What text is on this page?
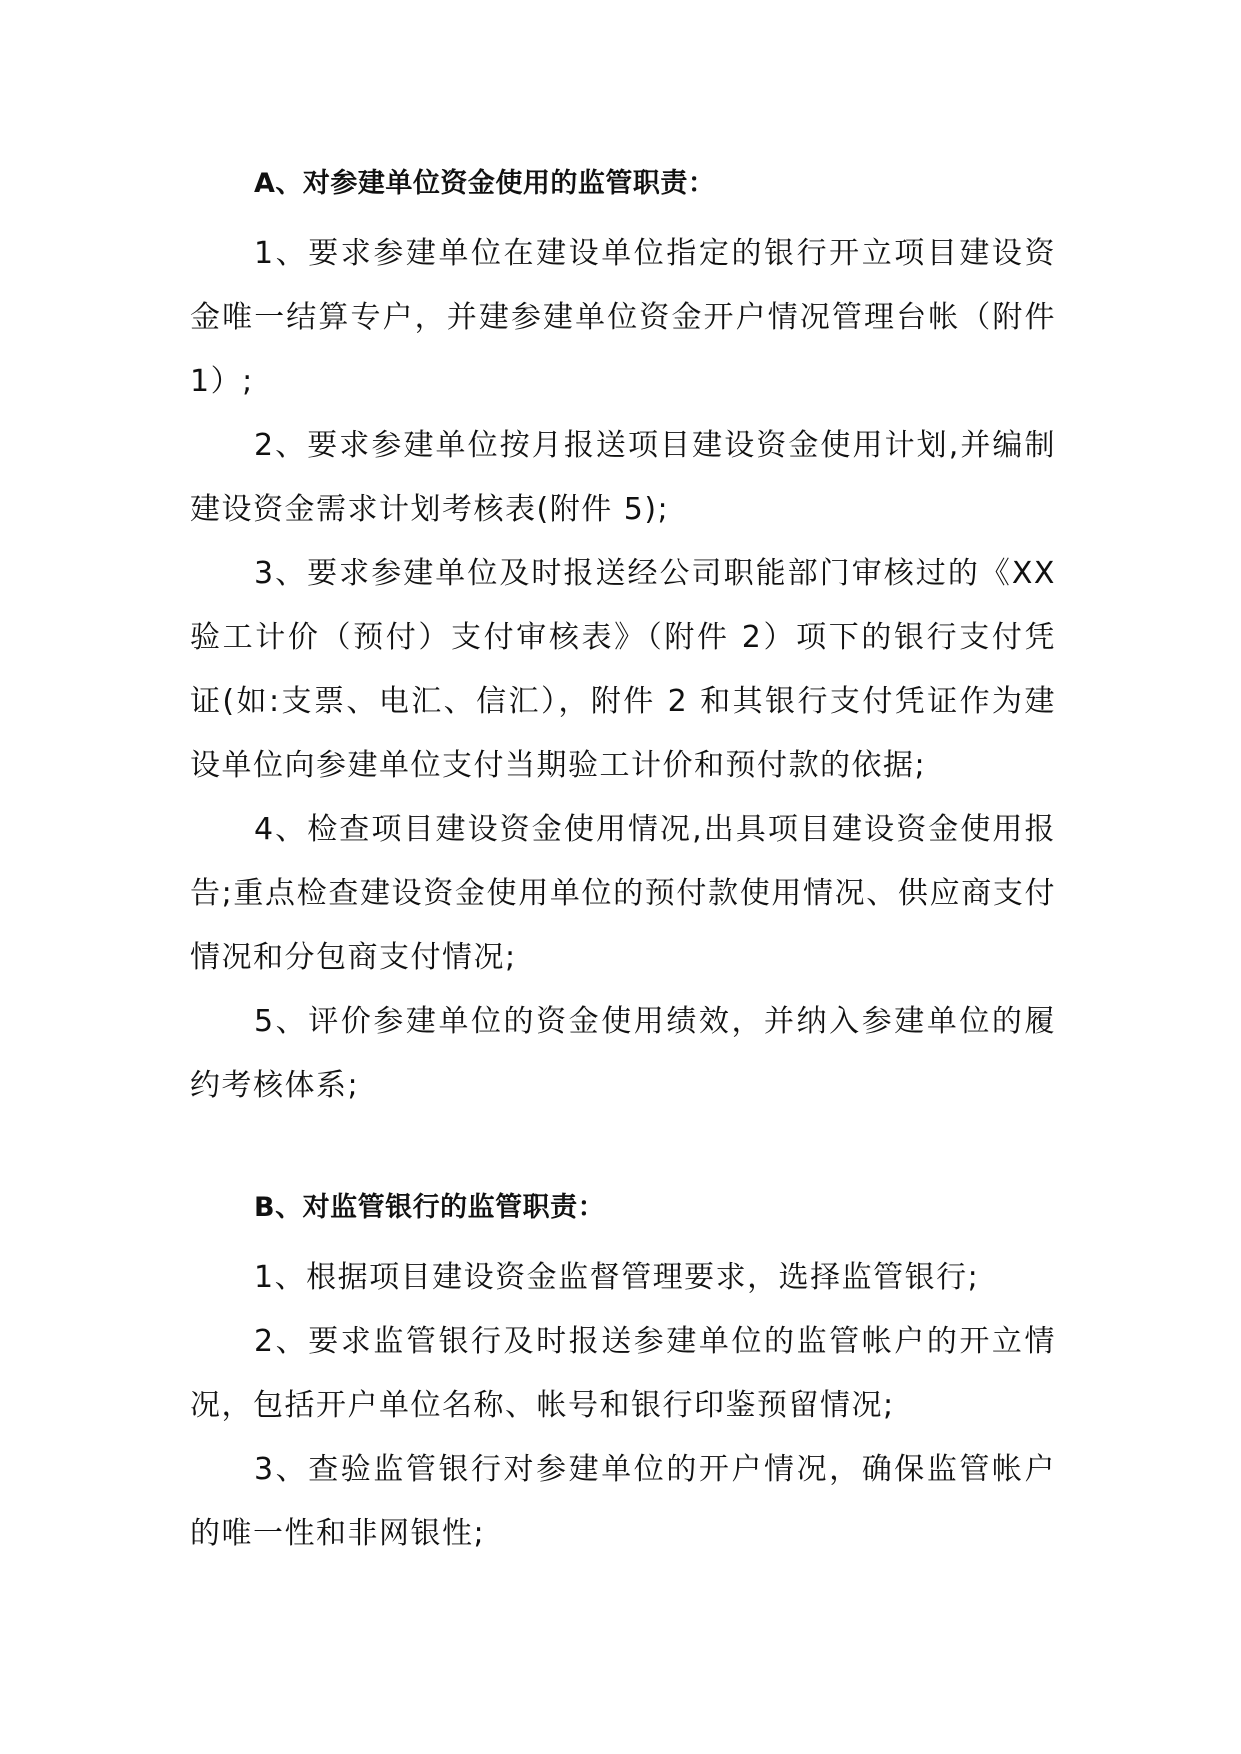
A、对参建单位资金使用的监管职责：

1、要求参建单位在建设单位指定的银行开立项目建设资金唯一结算专户，并建参建单位资金开户情况管理台帐（附件 1）;

2、要求参建单位按月报送项目建设资金使用计划,并编制建设资金需求计划考核表(附件 5);

3、要求参建单位及时报送经公司职能部门审核过的《XX 验工计价（预付）支付审核表》（附件 2）项下的银行支付凭证(如:支票、电汇、信汇），附件 2 和其银行支付凭证作为建设单位向参建单位支付当期验工计价和预付款的依据;

4、检查项目建设资金使用情况,出具项目建设资金使用报告;重点检查建设资金使用单位的预付款使用情况、供应商支付情况和分包商支付情况;

5、评价参建单位的资金使用绩效，并纳入参建单位的履约考核体系;

B、对监管银行的监管职责：

1、根据项目建设资金监督管理要求，选择监管银行;

2、要求监管银行及时报送参建单位的监管帐户的开立情况，包括开户单位名称、帐号和银行印鉴预留情况;

3、查验监管银行对参建单位的开户情况，确保监管帐户的唯一性和非网银性;
